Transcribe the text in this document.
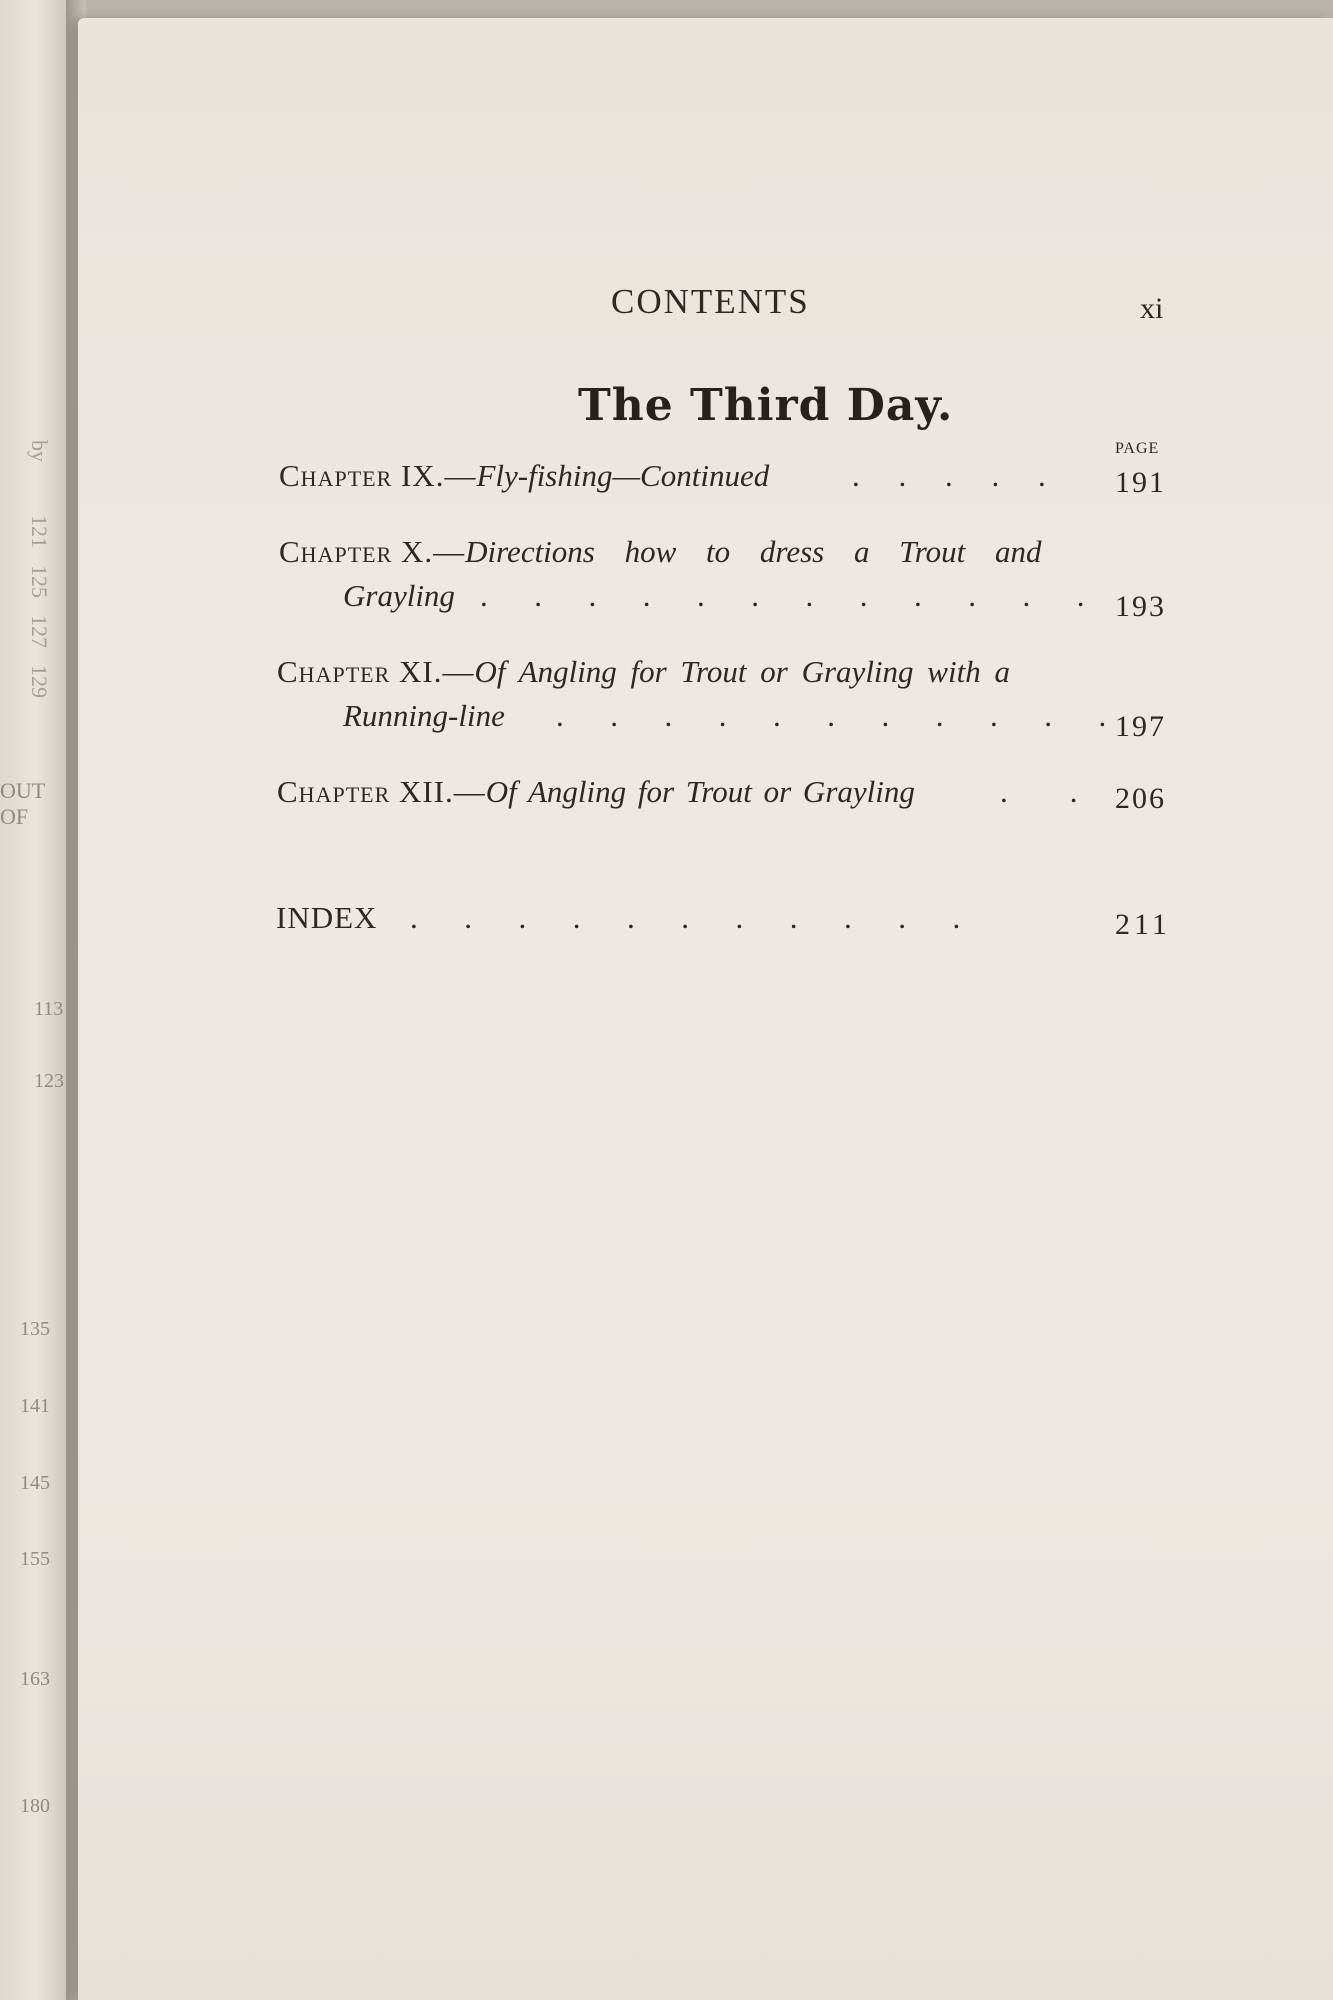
by
121
125
127
129
OUT OF
113
123
135
141
145
155
163
180
CONTENTS	xi
The Third Day.
PAGE
Chapter IX.—Fly-fishing—Continued	.     .     .     .     . 191
Chapter X.—Directions how to dress a Trout and
Grayling .      .      .      .      .      .      .      .      .      .      .      . 193
Chapter XI.—Of Angling for Trout or Grayling with a
Running-line .      .      .      .      .      .      .      .      .      .      . 197
Chapter XII.—Of Angling for Trout or Grayling	.        . 206
INDEX .      .      .      .      .      .      .      .      .      .      .	211
